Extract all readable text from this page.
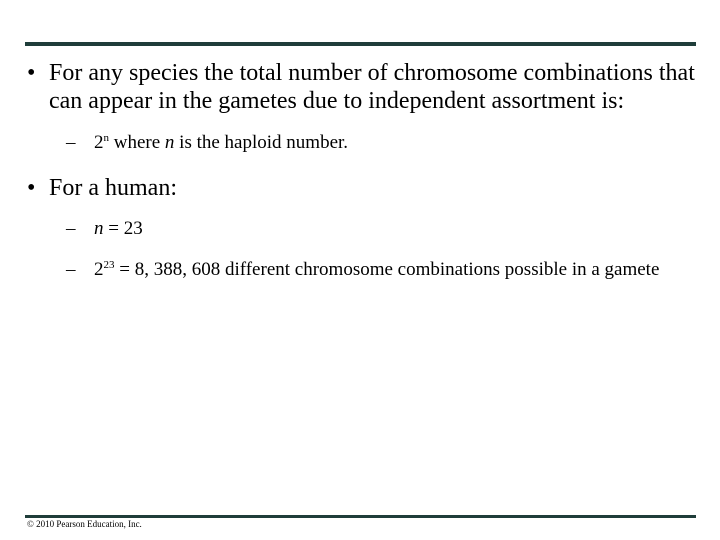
• For any species the total number of chromosome combinations that can appear in the gametes due to independent assortment is:
– 2$^n$ where n is the haploid number.
• For a human:
– n = 23
– $2^{23} = 8$, 388, 608 different chromosome combinations possible in a gamete
© 2010 Pearson Education, Inc.
